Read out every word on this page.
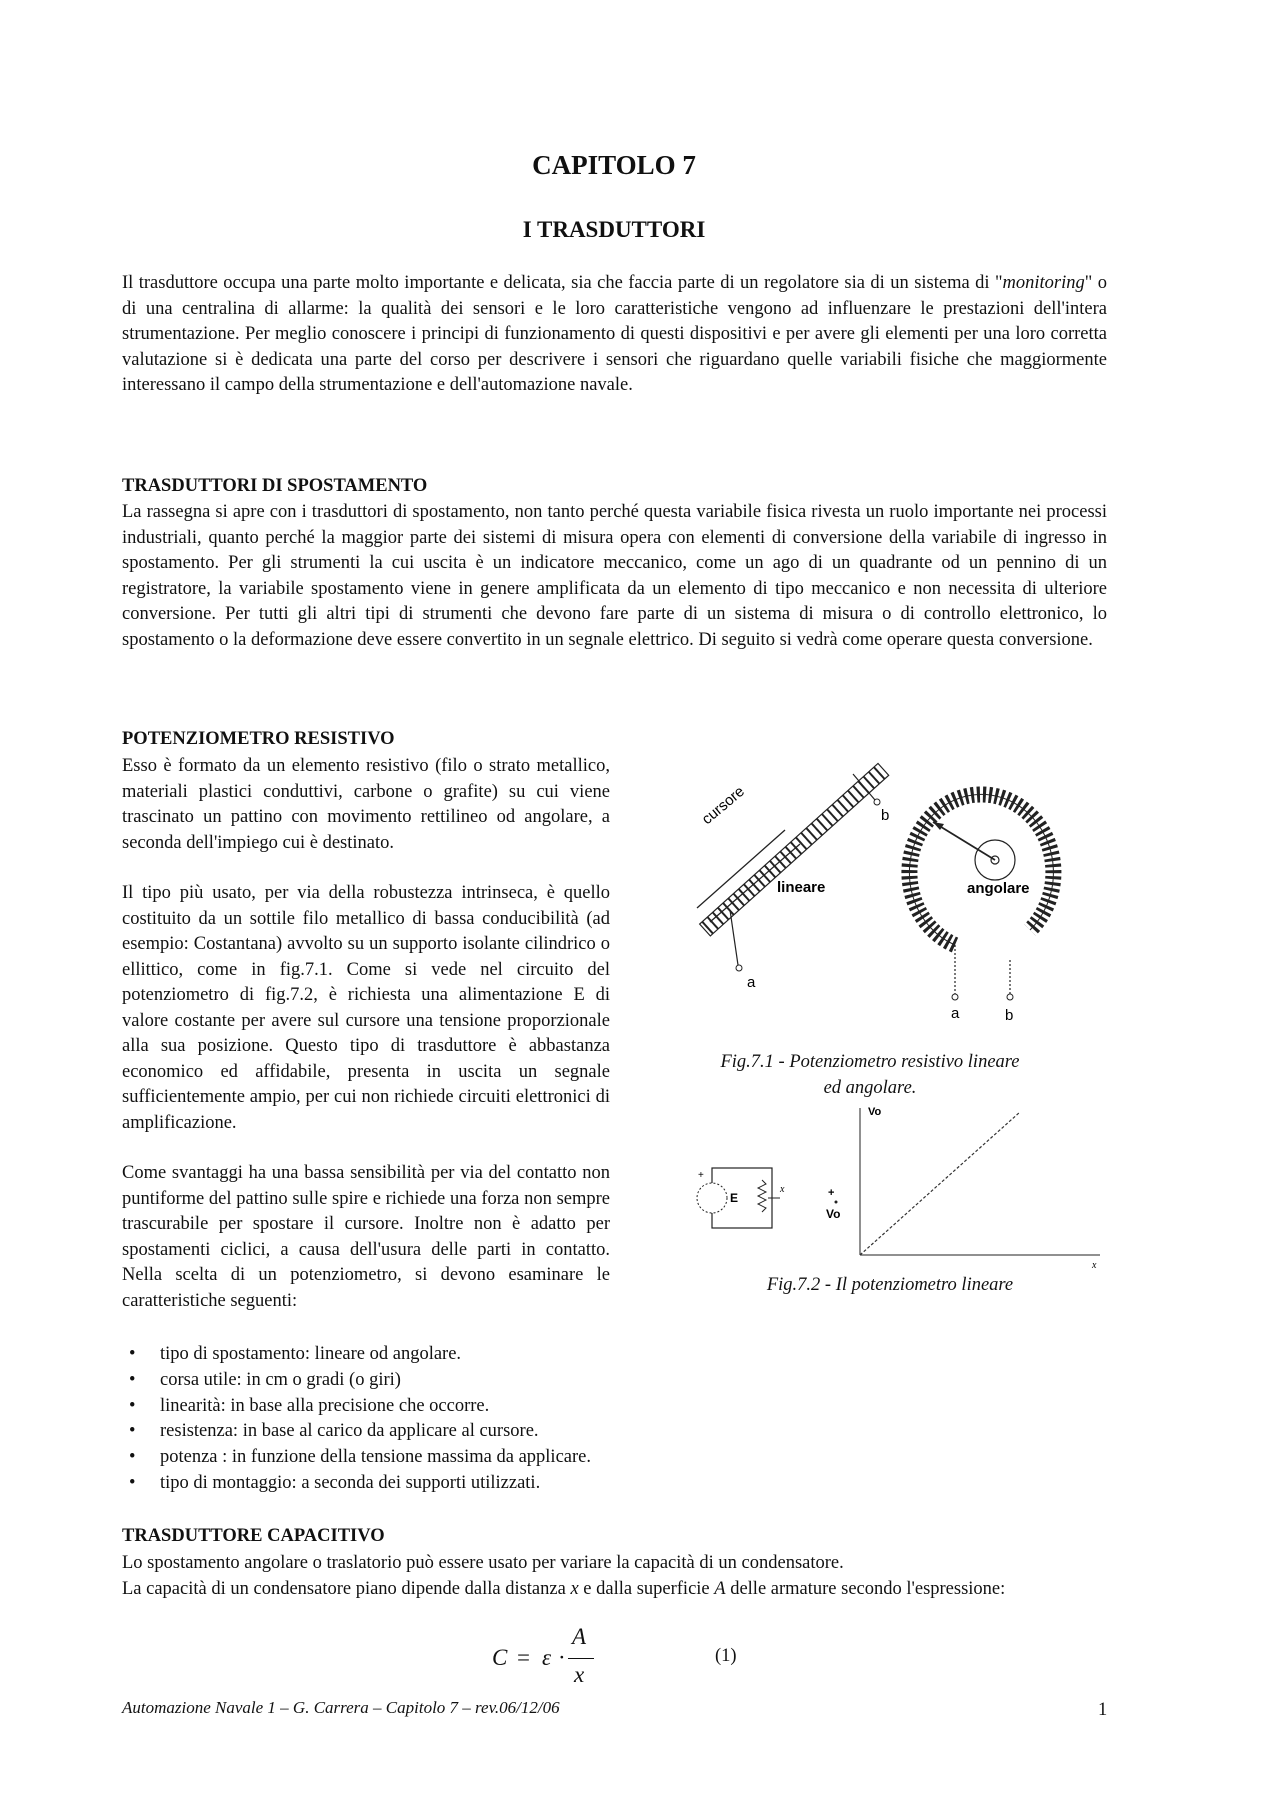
CAPITOLO 7
I TRASDUTTORI

Il trasduttore occupa una parte molto importante e delicata, sia che faccia parte di un regolatore sia di un sistema di "monitoring" o di una centralina di allarme: la qualità dei sensori e le loro caratteristiche vengono ad influenzare le prestazioni dell'intera strumentazione. Per meglio conoscere i principi di funzionamento di questi dispositivi e per avere gli elementi per una loro corretta valutazione si è dedicata una parte del corso per descrivere i sensori che riguardano quelle variabili fisiche che maggiormente interessano il campo della strumentazione e dell'automazione navale.

TRASDUTTORI DI SPOSTAMENTO

La rassegna si apre con i trasduttori di spostamento, non tanto perché questa variabile fisica rivesta un ruolo importante nei processi industriali, quanto perché la maggior parte dei sistemi di misura opera con elementi di conversione della variabile di ingresso in spostamento. Per gli strumenti la cui uscita è un indicatore meccanico, come un ago di un quadrante od un pennino di un registratore, la variabile spostamento viene in genere amplificata da un elemento di tipo meccanico e non necessita di ulteriore conversione. Per tutti gli altri tipi di strumenti che devono fare parte di un sistema di misura o di controllo elettronico, lo spostamento o la deformazione deve essere convertito in un segnale elettrico. Di seguito si vedrà come operare questa conversione.

POTENZIOMETRO RESISTIVO

Esso è formato da un elemento resistivo (filo o strato metallico, materiali plastici conduttivi, carbone o grafite) su cui viene trascinato un pattino con movimento rettilineo od angolare, a seconda dell'impiego cui è destinato.

Il tipo più usato, per via della robustezza intrinseca, è quello costituito da un sottile filo metallico di bassa conducibilità (ad esempio: Costantana) avvolto su un supporto isolante cilindrico o ellittico, come in fig.7.1. Come si vede nel circuito del potenziometro di fig.7.2, è richiesta una alimentazione E di valore costante per avere sul cursore una tensione proporzionale alla sua posizione. Questo tipo di trasduttore è abbastanza economico ed affidabile, presenta in uscita un segnale sufficientemente ampio, per cui non richiede circuiti elettronici di amplificazione.

Come svantaggi ha una bassa sensibilità per via del contatto non puntiforme del pattino sulle spire e richiede una forza non sempre trascurabile per spostare il cursore. Inoltre non è adatto per spostamenti ciclici, a causa dell'usura delle parti in contatto. Nella scelta di un potenziometro, si devono esaminare le caratteristiche seguenti:

• tipo di spostamento: lineare od angolare.
• corsa utile: in cm o gradi (o giri)
• linearità: in base alla precisione che occorre.
• resistenza: in base al carico da applicare al cursore.
• potenza : in funzione della tensione massima da applicare.
• tipo di montaggio: a seconda dei supporti utilizzati.
cursore	b
a
lineare
a	b
angolare
Fig.7.1 - Potenziometro resistivo lineare
ed angolare.
+
E
x	+
Vo
Vo
x
Fig.7.2 - Il potenziometro lineare
TRASDUTTORE CAPACITIVO

Lo spostamento angolare o traslatorio può essere usato per variare la capacità di un condensatore.

La capacità di un condensatore piano dipende dalla distanza x e dalla superficie A delle armature secondo l'espressione:

C = ε ·
A
x
(1)
Automazione Navale 1 – G. Carrera – Capitolo 7 – rev.06/12/06	1
